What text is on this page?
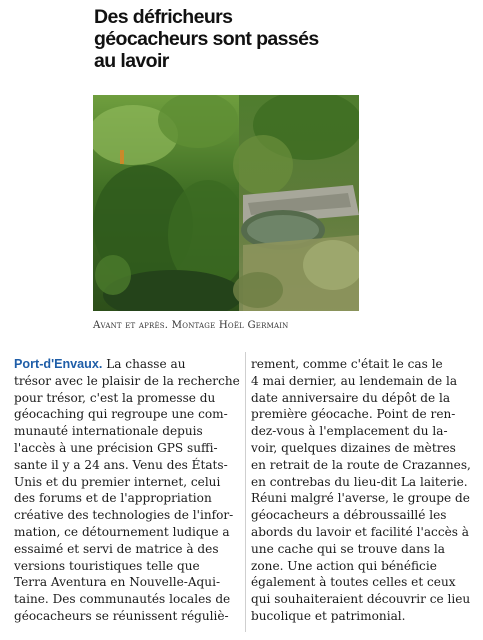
Des défricheurs
géocacheurs sont passés
au lavoir
Avant et après. Montage Hoël Germain
Port-d'Envaux. La chasse au
trésor avec le plaisir de la recherche
pour trésor, c'est la promesse du
géocaching qui regroupe une com-
munauté internationale depuis
l'accès à une précision GPS suffi-
sante il y a 24 ans. Venu des États-
Unis et du premier internet, celui
des forums et de l'appropriation
créative des technologies de l'infor-
mation, ce détournement ludique a
essaimé et servi de matrice à des
versions touristiques telle que
Terra Aventura en Nouvelle-Aqui-
taine. Des communautés locales de
géocacheurs se réunissent réguliè-
rement, comme c'était le cas le
4 mai dernier, au lendemain de la
date anniversaire du dépôt de la
première géocache. Point de ren-
dez-vous à l'emplacement du la-
voir, quelques dizaines de mètres
en retrait de la route de Crazannes,
en contrebas du lieu-dit La laiterie.
Réuni malgré l'averse, le groupe de
géocacheurs a débroussaillé les
abords du lavoir et facilité l'accès à
une cache qui se trouve dans la
zone. Une action qui bénéficie
également à toutes celles et ceux
qui souhaiteraient découvrir ce lieu
bucolique et patrimonial.
